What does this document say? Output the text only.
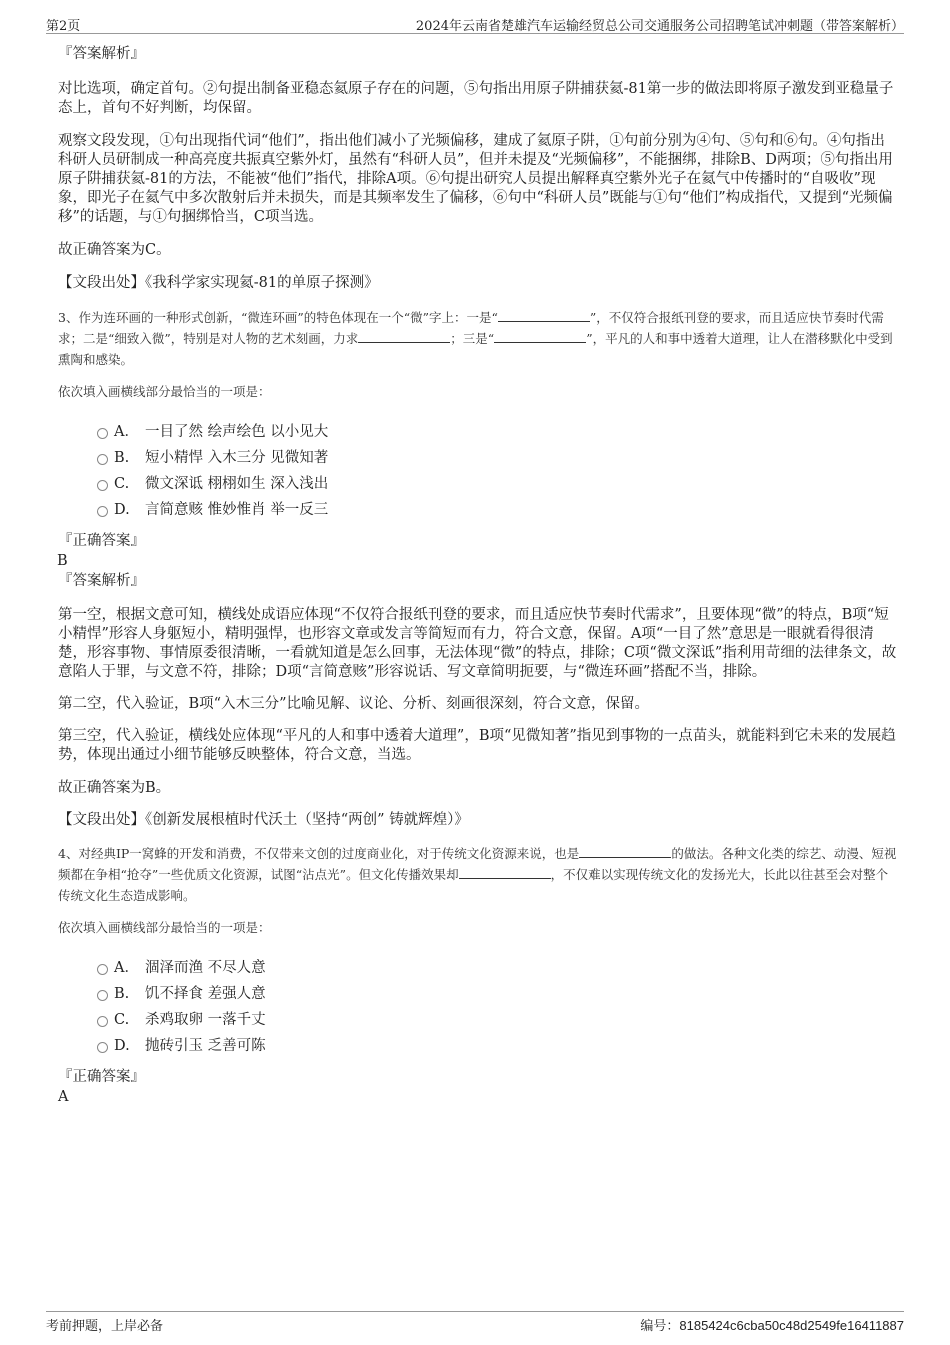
第2页	2024年云南省楚雄汽车运输经贸总公司交通服务公司招聘笔试冲刺题（带答案解析）

『答案解析』

对比选项，确定首句。②句提出制备亚稳态氦原子存在的问题，⑤句指出用原子阱捕获氦-81第一步的做法即将原子激发到亚稳量子态上，首句不好判断，均保留。

观察文段发现，①句出现指代词“他们”，指出他们减小了光频偏移，建成了氦原子阱，①句前分别为④句、⑤句和⑥句。④句指出科研人员研制成一种高亮度共振真空紫外灯，虽然有“科研人员”，但并未提及“光频偏移”，不能捆绑，排除B、D两项；⑤句指出用原子阱捕获氦-81的方法，不能被“他们”指代，排除A项。⑥句提出研究人员提出解释真空紫外光子在氦气中传播时的“自吸收”现象，即光子在氦气中多次散射后并未损失，而是其频率发生了偏移，⑥句中“科研人员”既能与①句“他们”构成指代，又提到“光频偏移”的话题，与①句捆绑恰当，C项当选。

故正确答案为C。

【文段出处】《我科学家实现氦-81的单原子探测》

3、作为连环画的一种形式创新，“微连环画”的特色体现在一个“微”字上：一是“	”，不仅符合报纸刊登的要求，而且适应快节奏时代需求；二是“细致入微”，特别是对人物的艺术刻画，力求	；三是“	”，平凡的人和事中透着大道理，让人在潜移默化中受到熏陶和感染。

依次填入画横线部分最恰当的一项是：

A． 一目了然 绘声绘色 以小见大
B. 短小精悍 入木三分 见微知著
C. 微文深诋 栩栩如生 深入浅出
D. 言简意赅 惟妙惟肖 举一反三

『正确答案』

B

『答案解析』

第一空，根据文意可知，横线处成语应体现“不仅符合报纸刊登的要求，而且适应快节奏时代需求”，且要体现“微”的特点，B项“短小精悍”形容人身躯短小，精明强悍，也形容文章或发言等简短而有力，符合文意，保留。A项“一目了然”意思是一眼就看得很清楚，形容事物、事情原委很清晰，一看就知道是怎么回事，无法体现“微”的特点，排除；C项“微文深诋”指利用苛细的法律条文，故意陷人于罪，与文意不符，排除；D项“言简意赅”形容说话、写文章简明扼要，与“微连环画”搭配不当，排除。

第二空，代入验证，B项“入木三分”比喻见解、议论、分析、刻画很深刻，符合文意，保留。

第三空，代入验证，横线处应体现“平凡的人和事中透着大道理”，B项“见微知著”指见到事物的一点苗头，就能料到它未来的发展趋势，体现出通过小细节能够反映整体，符合文意，当选。

故正确答案为B。

【文段出处】《创新发展根植时代沃土（坚持“两创” 铸就辉煌）》

4、对经典IP一窝蜂的开发和消费，不仅带来文创的过度商业化，对于传统文化资源来说，也是	的做法。各种文化类的综艺、动漫、短视频都在争相“抢夺”一些优质文化资源，试图“沾点光”。但文化传播效果却	，不仅难以实现传统文化的发扬光大，长此以往甚至会对整个传统文化生态造成影响。

依次填入画横线部分最恰当的一项是：

A． 涸泽而渔 不尽人意
B. 饥不择食 差强人意
C. 杀鸡取卵 一落千丈
D. 抛砖引玉 乏善可陈

『正确答案』

A

考前押题，上岸必备	编号：8185424c6cba50c48d2549fe16411887
